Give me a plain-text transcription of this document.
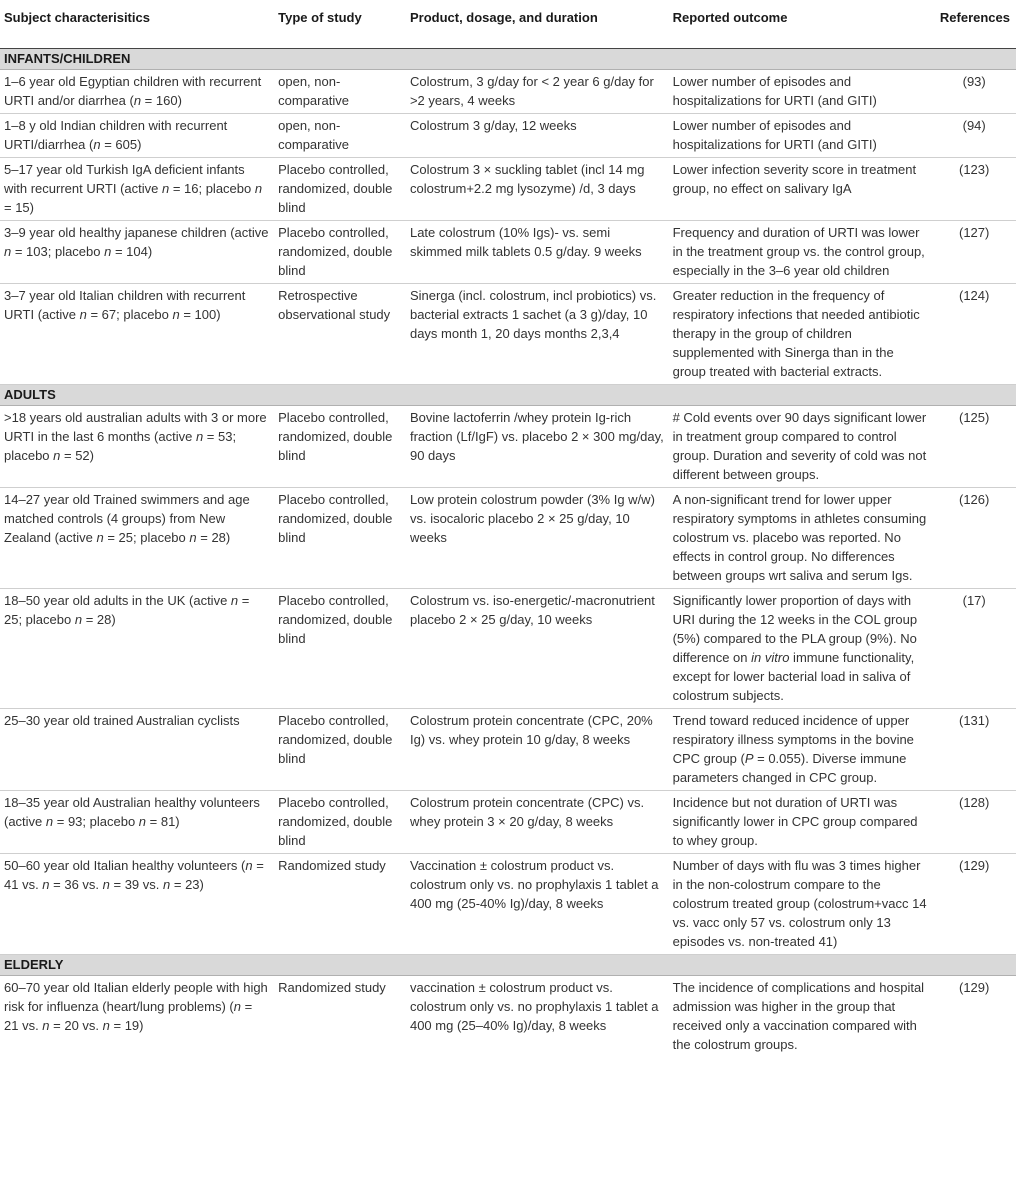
Subject characterisitics	Type of study	Product, dosage, and duration	Reported outcome	References
INFANTS/CHILDREN				
1–6 year old Egyptian children with recurrent URTI and/or diarrhea (n = 160)	open, non-comparative	Colostrum, 3 g/day for < 2 year 6 g/day for >2 years, 4 weeks	Lower number of episodes and hospitalizations for URTI (and GITI)	(93)
1–8 y old Indian children with recurrent URTI/diarrhea (n = 605)	open, non-comparative	Colostrum 3 g/day, 12 weeks	Lower number of episodes and hospitalizations for URTI (and GITI)	(94)
5–17 year old Turkish IgA deficient infants with recurrent URTI (active n = 16; placebo n = 15)	Placebo controlled, randomized, double blind	Colostrum 3 × suckling tablet (incl 14 mg colostrum+2.2 mg lysozyme) /d, 3 days	Lower infection severity score in treatment group, no effect on salivary IgA	(123)
3–9 year old healthy japanese children (active n = 103; placebo n = 104)	Placebo controlled, randomized, double blind	Late colostrum (10% Igs)- vs. semi skimmed milk tablets 0.5 g/day. 9 weeks	Frequency and duration of URTI was lower in the treatment group vs. the control group, especially in the 3–6 year old children	(127)
3–7 year old Italian children with recurrent URTI (active n = 67; placebo n = 100)	Retrospective observational study	Sinerga (incl. colostrum, incl probiotics) vs. bacterial extracts 1 sachet (a 3 g)/day, 10 days month 1, 20 days months 2,3,4	Greater reduction in the frequency of respiratory infections that needed antibiotic therapy in the group of children supplemented with Sinerga than in the group treated with bacterial extracts.	(124)
ADULTS				
>18 years old australian adults with 3 or more URTI in the last 6 months (active n = 53; placebo n = 52)	Placebo controlled, randomized, double blind	Bovine lactoferrin /whey protein Ig-rich fraction (Lf/IgF) vs. placebo 2 × 300 mg/day, 90 days	# Cold events over 90 days significant lower in treatment group compared to control group. Duration and severity of cold was not different between groups.	(125)
14–27 year old Trained swimmers and age matched controls (4 groups) from New Zealand (active n = 25; placebo n = 28)	Placebo controlled, randomized, double blind	Low protein colostrum powder (3% Ig w/w) vs. isocaloric placebo 2 × 25 g/day, 10 weeks	A non-significant trend for lower upper respiratory symptoms in athletes consuming colostrum vs. placebo was reported. No effects in control group. No differences between groups wrt saliva and serum Igs.	(126)
18–50 year old adults in the UK (active n = 25; placebo n = 28)	Placebo controlled, randomized, double blind	Colostrum vs. iso-energetic/-macronutrient placebo 2 × 25 g/day, 10 weeks	Significantly lower proportion of days with URI during the 12 weeks in the COL group (5%) compared to the PLA group (9%). No difference on in vitro immune functionality, except for lower bacterial load in saliva of colostrum subjects.	(17)
25–30 year old trained Australian cyclists	Placebo controlled, randomized, double blind	Colostrum protein concentrate (CPC, 20% Ig) vs. whey protein 10 g/day, 8 weeks	Trend toward reduced incidence of upper respiratory illness symptoms in the bovine CPC group (P = 0.055). Diverse immune parameters changed in CPC group.	(131)
18–35 year old Australian healthy volunteers (active n = 93; placebo n = 81)	Placebo controlled, randomized, double blind	Colostrum protein concentrate (CPC) vs. whey protein 3 × 20 g/day, 8 weeks	Incidence but not duration of URTI was significantly lower in CPC group compared to whey group.	(128)
50–60 year old Italian healthy volunteers (n = 41 vs. n = 36 vs. n = 39 vs. n = 23)	Randomized study	Vaccination ± colostrum product vs. colostrum only vs. no prophylaxis 1 tablet a 400 mg (25-40% Ig)/day, 8 weeks	Number of days with flu was 3 times higher in the non-colostrum compare to the colostrum treated group (colostrum+vacc 14 vs. vacc only 57 vs. colostrum only 13 episodes vs. non-treated 41)	(129)
ELDERLY				
60–70 year old Italian elderly people with high risk for influenza (heart/lung problems) (n = 21 vs. n = 20 vs. n = 19)	Randomized study	vaccination ± colostrum product vs. colostrum only vs. no prophylaxis 1 tablet a 400 mg (25–40% Ig)/day, 8 weeks	The incidence of complications and hospital admission was higher in the group that received only a vaccination compared with the colostrum groups.	(129)
